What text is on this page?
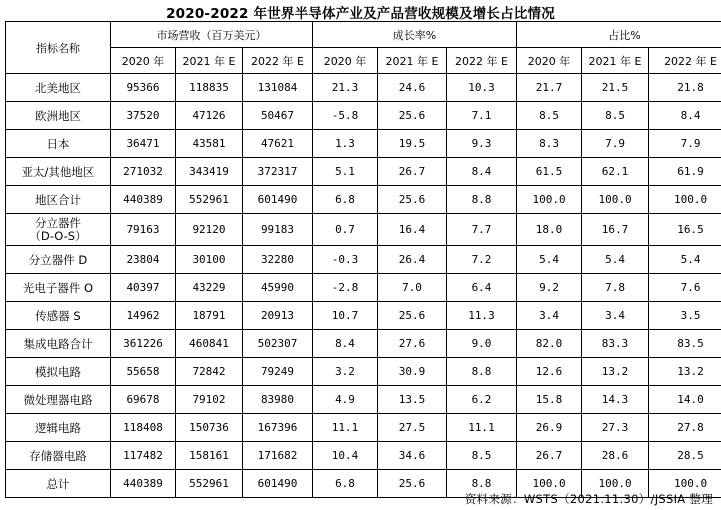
2020-2022 年世界半导体产业及产品营收规模及增长占比情况
指标名称	市场营收（百万美元）			成长率%			占比%		
	2020 年	2021 年 E	2022 年 E	2020 年	2021 年 E	2022 年 E	2020 年	2021 年 E	2022 年 E
北美地区	95366	118835	131084	21.3	24.6	10.3	21.7	21.5	21.8
欧洲地区	37520	47126	50467	-5.8	25.6	7.1	8.5	8.5	8.4
日本	36471	43581	47621	1.3	19.5	9.3	8.3	7.9	7.9
亚太/其他地区	271032	343419	372317	5.1	26.7	8.4	61.5	62.1	61.9
地区合计	440389	552961	601490	6.8	25.6	8.8	100.0	100.0	100.0

分立器件
（D-O-S）	79163	92120	99183	0.7	16.4	7.7	18.0	16.7	16.5
分立器件 D	23804	30100	32280	-0.3	26.4	7.2	5.4	5.4	5.4
光电子器件 O	40397	43229	45990	-2.8	7.0	6.4	9.2	7.8	7.6
传感器 S	14962	18791	20913	10.7	25.6	11.3	3.4	3.4	3.5
集成电路合计	361226	460841	502307	8.4	27.6	9.0	82.0	83.3	83.5
模拟电路	55658	72842	79249	3.2	30.9	8.8	12.6	13.2	13.2
微处理器电路	69678	79102	83980	4.9	13.5	6.2	15.8	14.3	14.0
逻辑电路	118408	150736	167396	11.1	27.5	11.1	26.9	27.3	27.8
存储器电路	117482	158161	171682	10.4	34.6	8.5	26.7	28.6	28.5
总计	440389	552961	601490	6.8	25.6	8.8	100.0	100.0	100.0
资料来源：WSTS（2021.11.30）/JSSIA 整理
